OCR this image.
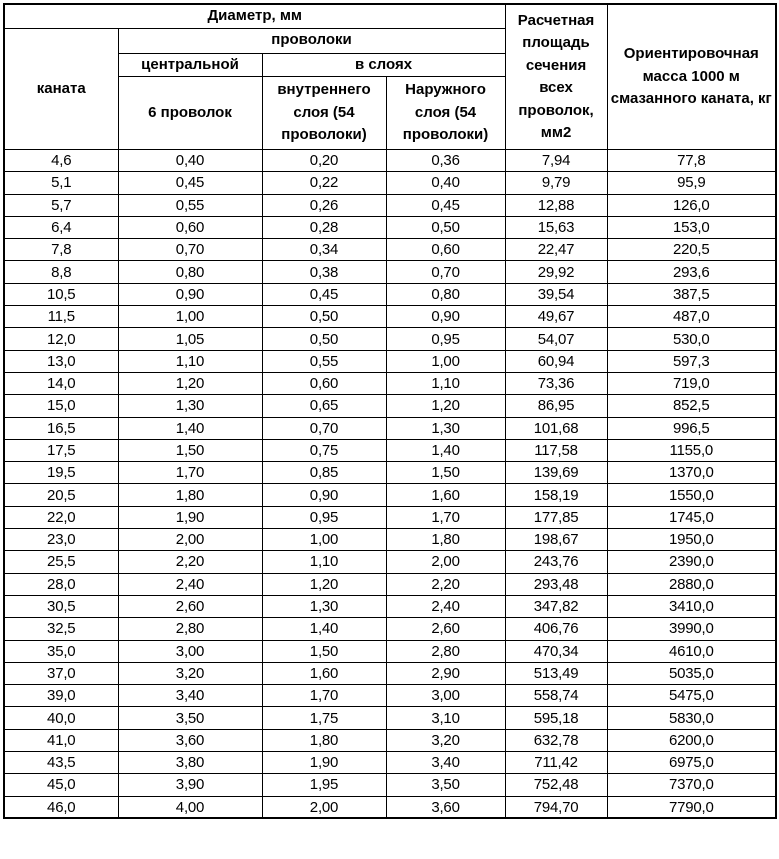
Диаметр, мм				Расчетная площадь сечения всех проволок, мм2	Ориентировочная масса 1000 м смазанного каната, кг
каната	проволоки				
	центральной	в слоях			
	6 проволок	внутреннего слоя (54 проволоки)	Наружного слоя (54 проволоки)		
4,6	0,40	0,20	0,36	7,94	77,8
5,1	0,45	0,22	0,40	9,79	95,9
5,7	0,55	0,26	0,45	12,88	126,0
6,4	0,60	0,28	0,50	15,63	153,0
7,8	0,70	0,34	0,60	22,47	220,5
8,8	0,80	0,38	0,70	29,92	293,6
10,5	0,90	0,45	0,80	39,54	387,5
11,5	1,00	0,50	0,90	49,67	487,0
12,0	1,05	0,50	0,95	54,07	530,0
13,0	1,10	0,55	1,00	60,94	597,3
14,0	1,20	0,60	1,10	73,36	719,0
15,0	1,30	0,65	1,20	86,95	852,5
16,5	1,40	0,70	1,30	101,68	996,5
17,5	1,50	0,75	1,40	117,58	1155,0
19,5	1,70	0,85	1,50	139,69	1370,0
20,5	1,80	0,90	1,60	158,19	1550,0
22,0	1,90	0,95	1,70	177,85	1745,0
23,0	2,00	1,00	1,80	198,67	1950,0
25,5	2,20	1,10	2,00	243,76	2390,0
28,0	2,40	1,20	2,20	293,48	2880,0
30,5	2,60	1,30	2,40	347,82	3410,0
32,5	2,80	1,40	2,60	406,76	3990,0
35,0	3,00	1,50	2,80	470,34	4610,0
37,0	3,20	1,60	2,90	513,49	5035,0
39,0	3,40	1,70	3,00	558,74	5475,0
40,0	3,50	1,75	3,10	595,18	5830,0
41,0	3,60	1,80	3,20	632,78	6200,0
43,5	3,80	1,90	3,40	711,42	6975,0
45,0	3,90	1,95	3,50	752,48	7370,0
46,0	4,00	2,00	3,60	794,70	7790,0
